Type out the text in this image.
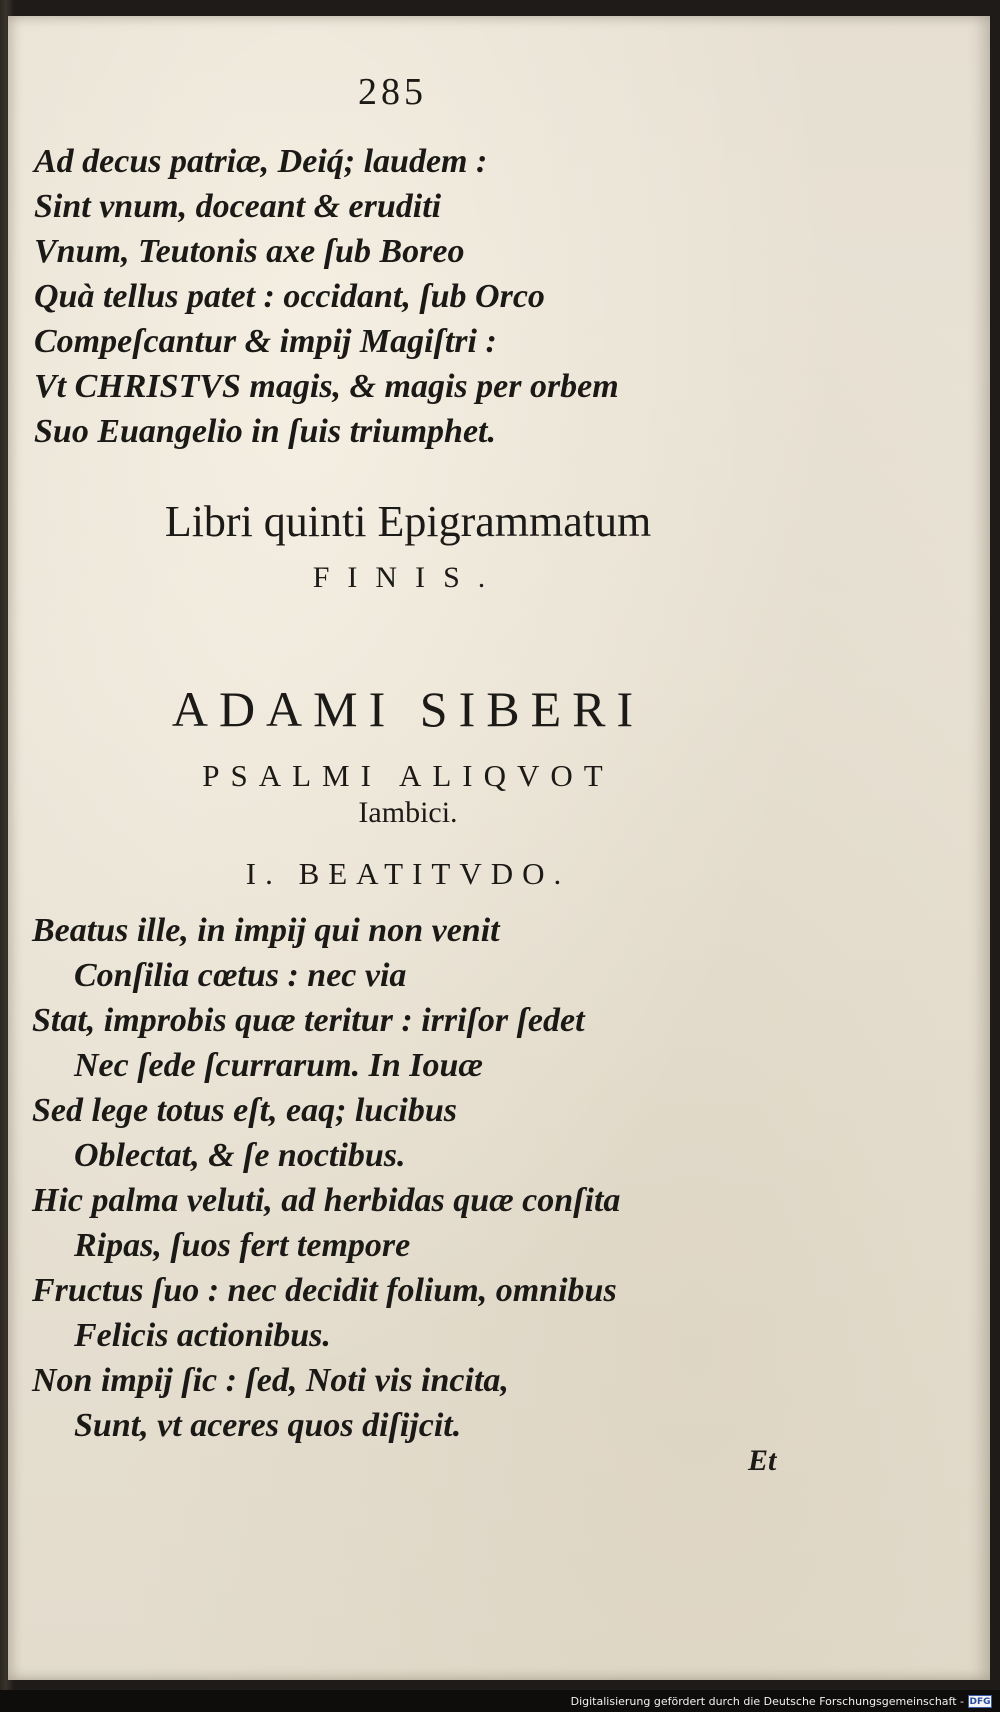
285
Ad decus patriæ, Deiq́; laudem :
Sint vnum, doceant & eruditi
Vnum, Teutonis axe ſub Boreo
Quà tellus patet : occidant, ſub Orco
Compeſcantur & impij Magiſtri :
Vt CHRISTVS magis, & magis per orbem
Suo Euangelio in ſuis triumphet.
Libri quinti Epigrammatum
FINIS.
ADAMI SIBERI
PSALMI ALIQVOT
Iambici.
I. BEATITVDO.
Beatus ille, in impij qui non venit
Conſilia cœtus : nec via
Stat, improbis quæ teritur : irriſor ſedet
Nec ſede ſcurrarum. In Iouæ
Sed lege totus eſt, eaq; lucibus
Oblectat, & ſe noctibus.
Hic palma veluti, ad herbidas quæ conſita
Ripas, ſuos fert tempore
Fructus ſuo : nec decidit folium, omnibus
Felicis actionibus.
Non impij ſic : ſed, Noti vis incita,
Sunt, vt aceres quos diſijcit.
Et
Digitalisierung gefördert durch die Deutsche Forschungsgemeinschaft - DFG
